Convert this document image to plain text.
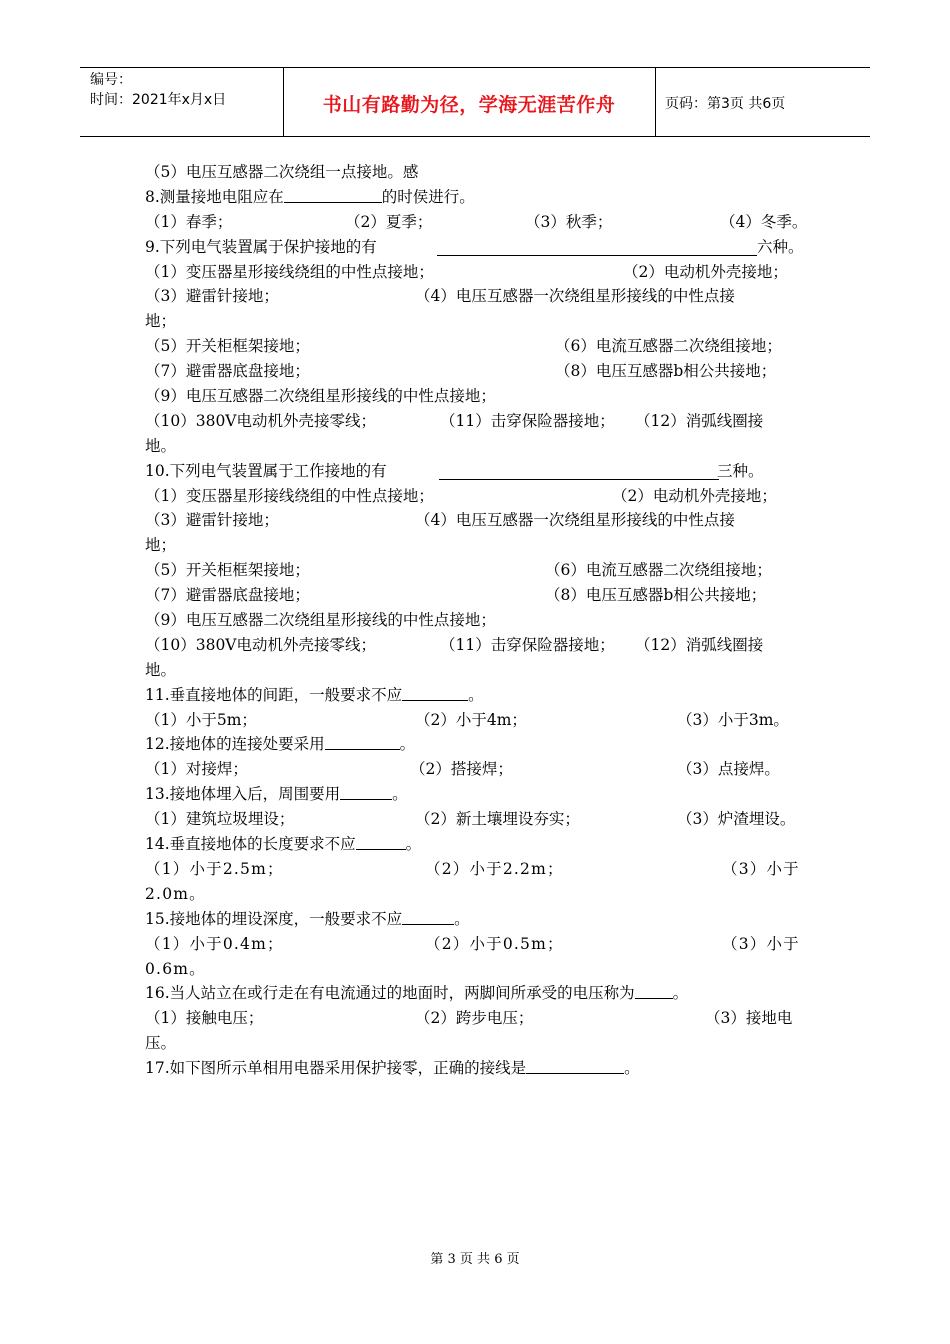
编号：
时间：2021年x月x日	书山有路勤为径，学海无涯苦作舟	页码：第3页 共6页
（5）电压互感器二次绕组一点接地。感
8.测量接地电阻应在	的时侯进行。
（1）春季；	（2）夏季；	（3）秋季；	（4）冬季。
9.下列电气装置属于保护接地的有	六种。
（1）变压器星形接线绕组的中性点接地；	（2）电动机外壳接地；
（3）避雷针接地；	（4）电压互感器一次绕组星形接线的中性点接
地；
（5）开关柜框架接地；	（6）电流互感器二次绕组接地；
（7）避雷器底盘接地；	（8）电压互感器b相公共接地；
（9）电压互感器二次绕组星形接线的中性点接地；
（10）380V电动机外壳接零线；	（11）击穿保险器接地； （12）消弧线圈接
地。
10.下列电气装置属于工作接地的有	三种。
（1）变压器星形接线绕组的中性点接地；	（2）电动机外壳接地；
（3）避雷针接地；	（4）电压互感器一次绕组星形接线的中性点接
地；
（5）开关柜框架接地；	（6）电流互感器二次绕组接地；
（7）避雷器底盘接地；	（8）电压互感器b相公共接地；
（9）电压互感器二次绕组星形接线的中性点接地；
（10）380V电动机外壳接零线；	（11）击穿保险器接地； （12）消弧线圈接
地。
11.垂直接地体的间距，一般要求不应	。
（1）小于5m；	（2）小于4m；	（3）小于3m。
12.接地体的连接处要采用	。
（1）对接焊；	（2）搭接焊；	（3）点接焊。
13.接地体埋入后，周围要用	。
（1）建筑垃圾埋设；	（2）新土壤埋设夯实；	（3）炉渣埋设。
14.垂直接地体的长度要求不应	。
（1）小于2.5m；	（2）小于2.2m；	（3）小于
2.0m。
15.接地体的埋设深度，一般要求不应	。
（1）小于0.4m；	（2）小于0.5m；	（3）小于
0.6m。
16.当人站立在或行走在有电流通过的地面时，两脚间所承受的电压称为 。
（1）接触电压；	（2）跨步电压；	（3）接地电
压。
17.如下图所示单相用电器采用保护接零，正确的接线是	。
第 3 页 共 6 页
